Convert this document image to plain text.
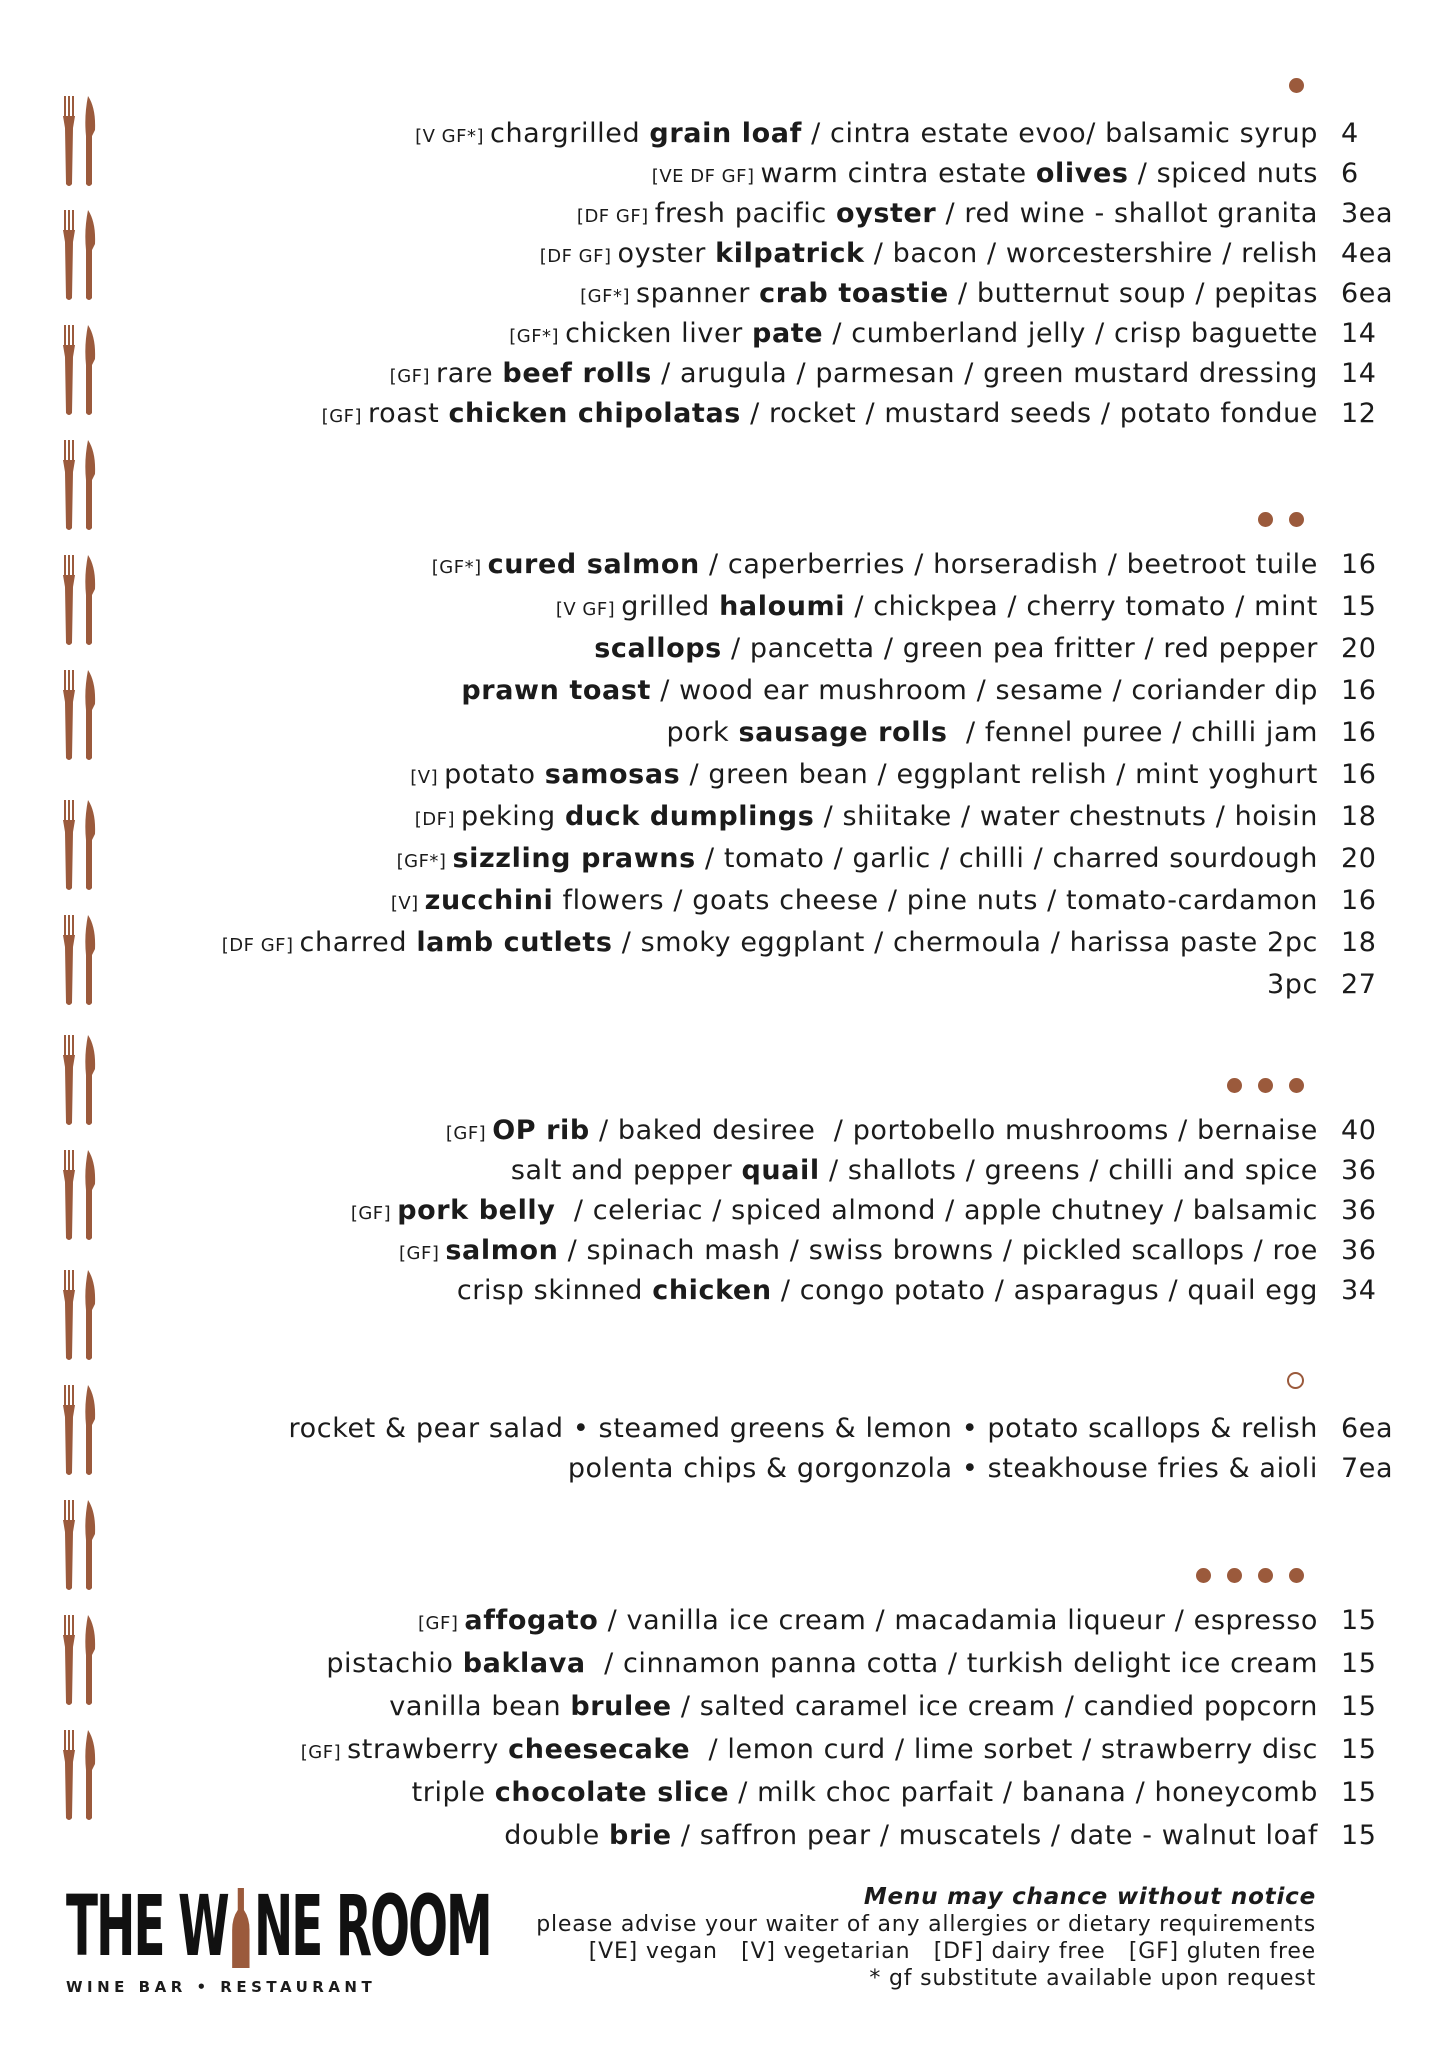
[V GF*] chargrilled grain loaf / cintra estate evoo/ balsamic syrup 4
[VE DF GF] warm cintra estate olives / spiced nuts 6
[DF GF] fresh pacific oyster / red wine - shallot granita 3ea
[DF GF] oyster kilpatrick / bacon / worcestershire / relish 4ea
[GF*] spanner crab toastie / butternut soup / pepitas 6ea
[GF*] chicken liver pate / cumberland jelly / crisp baguette 14
[GF] rare beef rolls / arugula / parmesan / green mustard dressing 14
[GF] roast chicken chipolatas / rocket / mustard seeds / potato fondue 12
[GF*] cured salmon / caperberries / horseradish / beetroot tuile 16
[V GF] grilled haloumi / chickpea / cherry tomato / mint 15
scallops / pancetta / green pea fritter / red pepper 20
prawn toast / wood ear mushroom / sesame / coriander dip 16
pork sausage rolls  / fennel puree / chilli jam 16
[V] potato samosas / green bean / eggplant relish / mint yoghurt 16
[DF] peking duck dumplings / shiitake / water chestnuts / hoisin 18
[GF*] sizzling prawns / tomato / garlic / chilli / charred sourdough 20
[V] zucchini flowers / goats cheese / pine nuts / tomato-cardamon 16
[DF GF] charred lamb cutlets / smoky eggplant / chermoula / harissa paste 2pc 18
3pc 27
[GF] OP rib / baked desiree  / portobello mushrooms / bernaise 40
salt and pepper quail / shallots / greens / chilli and spice 36
[GF] pork belly  / celeriac / spiced almond / apple chutney / balsamic 36
[GF] salmon / spinach mash / swiss browns / pickled scallops / roe 36
crisp skinned chicken / congo potato / asparagus / quail egg 34
rocket & pear salad • steamed greens & lemon • potato scallops & relish 6ea
polenta chips & gorgonzola • steakhouse fries & aioli 7ea
[GF] affogato / vanilla ice cream / macadamia liqueur / espresso 15
pistachio baklava  / cinnamon panna cotta / turkish delight ice cream 15
vanilla bean brulee / salted caramel ice cream / candied popcorn 15
[GF] strawberry cheesecake  / lemon curd / lime sorbet / strawberry disc 15
triple chocolate slice / milk choc parfait / banana / honeycomb 15
double brie / saffron pear / muscatels / date - walnut loaf 15
THE W NE ROOM
WINE BAR • RESTAURANT
Menu may chance without notice
please advise your waiter of any allergies or dietary requirements
[VE] vegan   [V] vegetarian   [DF] dairy free   [GF] gluten free
* gf substitute available upon request
